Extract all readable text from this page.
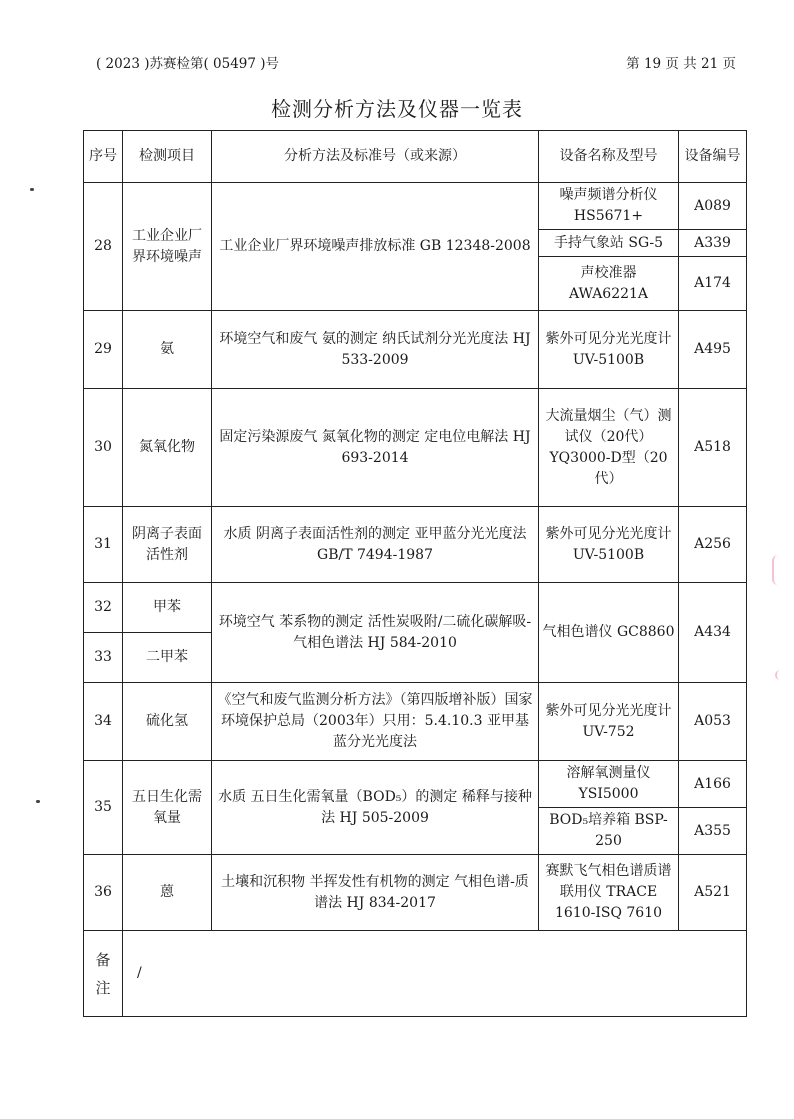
( 2023 )苏赛检第( 05497 )号	第 19 页 共 21 页
检测分析方法及仪器一览表
序号	检测项目	分析方法及标准号（或来源）	设备名称及型号	设备编号
28	工业企业厂界环境噪声	工业企业厂界环境噪声排放标准 GB 12348-2008	噪声频谱分析仪 HS5671+	A089
			手持气象站 SG-5	A339
			声校准器 AWA6221A	A174
29	氨	环境空气和废气 氨的测定 纳氏试剂分光光度法 HJ 533-2009	紫外可见分光光度计 UV-5100B	A495
30	氮氧化物	固定污染源废气 氮氧化物的测定 定电位电解法 HJ 693-2014	大流量烟尘（气）测试仪（20代）YQ3000-D型（20代）	A518
31	阴离子表面活性剂	水质 阴离子表面活性剂的测定 亚甲蓝分光光度法 GB/T 7494-1987	紫外可见分光光度计 UV-5100B	A256
32	甲苯	环境空气 苯系物的测定 活性炭吸附/二硫化碳解吸-气相色谱法 HJ 584-2010	气相色谱仪 GC8860	A434
33	二甲苯			
34	硫化氢	《空气和废气监测分析方法》（第四版增补版）国家环境保护总局（2003年）只用：5.4.10.3 亚甲基蓝分光光度法	紫外可见分光光度计 UV-752	A053
35	五日生化需氧量	水质 五日生化需氧量（BOD₅）的测定 稀释与接种法 HJ 505-2009	溶解氧测量仪 YSI5000	A166
			BOD₅培养箱 BSP-250	A355
36	蒽	土壤和沉积物 半挥发性有机物的测定 气相色谱-质谱法 HJ 834-2017	赛默飞气相色谱质谱联用仪 TRACE 1610-ISQ 7610	A521

备注	/			
